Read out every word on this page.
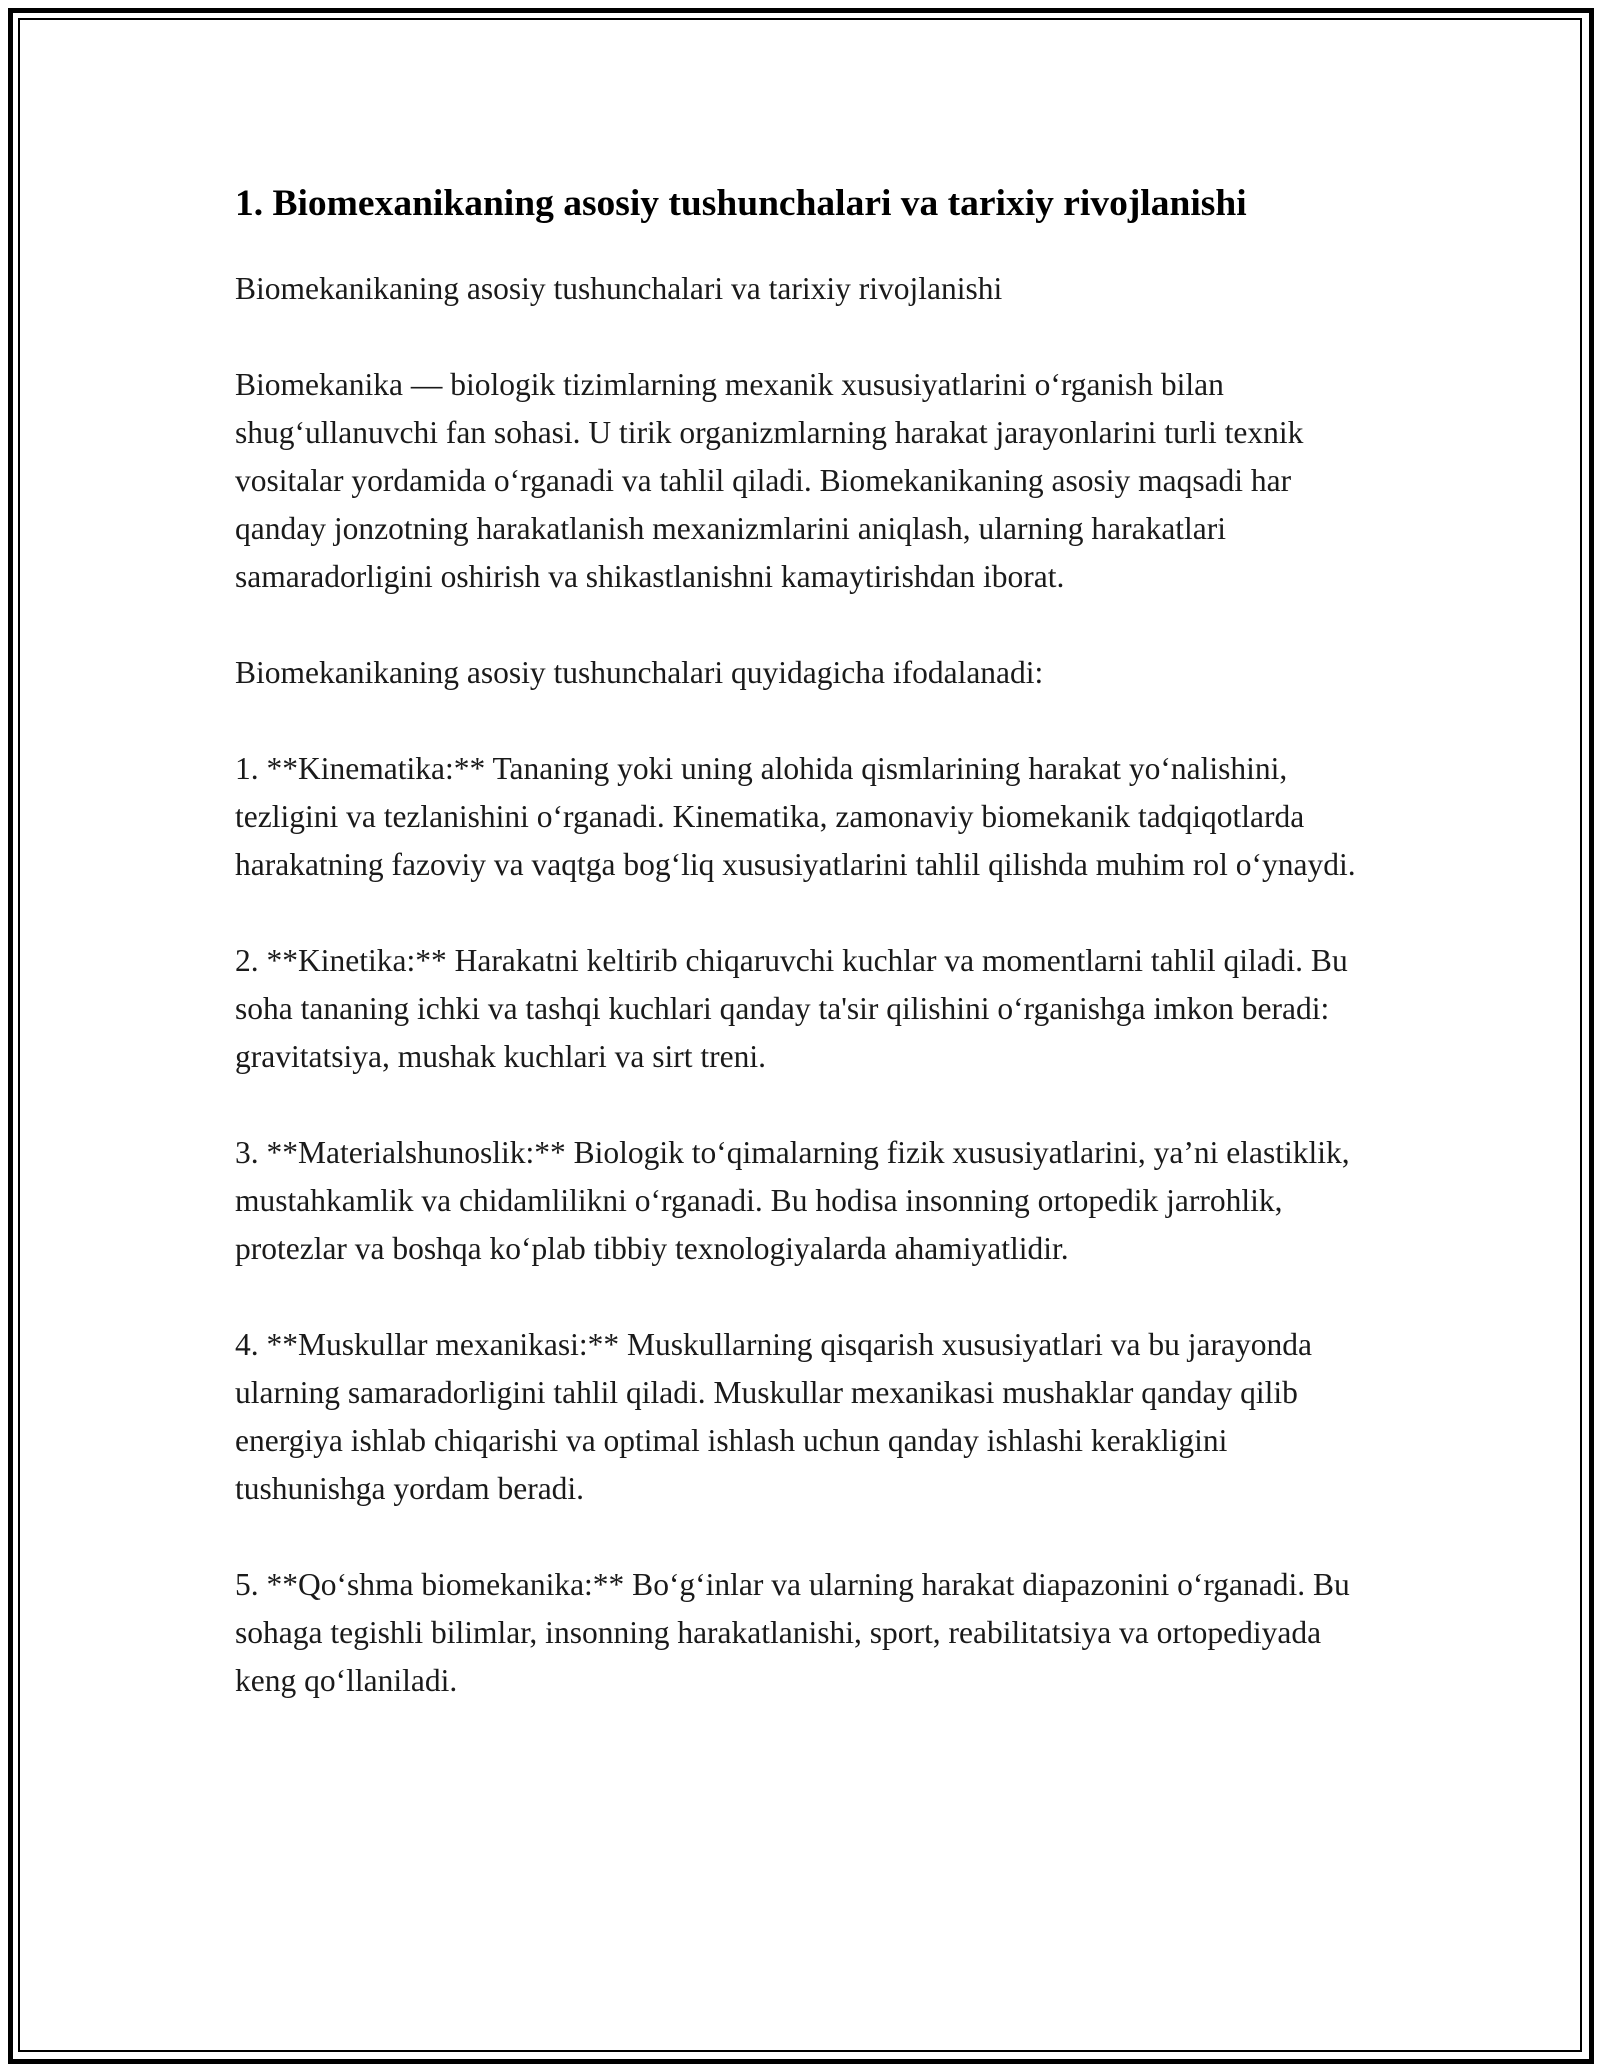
1. Biomexanikaning asosiy tushunchalari va tarixiy rivojlanishi

Biomekanikaning asosiy tushunchalari va tarixiy rivojlanishi

Biomekanika — biologik tizimlarning mexanik xususiyatlarini oʻrganish bilan shugʻullanuvchi fan sohasi. U tirik organizmlarning harakat jarayonlarini turli texnik vositalar yordamida oʻrganadi va tahlil qiladi. Biomekanikaning asosiy maqsadi har qanday jonzotning harakatlanish mexanizmlarini aniqlash, ularning harakatlari samaradorligini oshirish va shikastlanishni kamaytirishdan iborat.

Biomekanikaning asosiy tushunchalari quyidagicha ifodalanadi:

1. **Kinematika:** Tananing yoki uning alohida qismlarining harakat yoʻnalishini, tezligini va tezlanishini oʻrganadi. Kinematika, zamonaviy biomekanik tadqiqotlarda harakatning fazoviy va vaqtga bogʻliq xususiyatlarini tahlil qilishda muhim rol oʻynaydi.

2. **Kinetika:** Harakatni keltirib chiqaruvchi kuchlar va momentlarni tahlil qiladi. Bu soha tananing ichki va tashqi kuchlari qanday ta'sir qilishini oʻrganishga imkon beradi: gravitatsiya, mushak kuchlari va sirt treni.

3. **Materialshunoslik:** Biologik toʻqimalarning fizik xususiyatlarini, ya’ni elastiklik, mustahkamlik va chidamlilikni oʻrganadi. Bu hodisa insonning ortopedik jarrohlik, protezlar va boshqa koʻplab tibbiy texnologiyalarda ahamiyatlidir.

4. **Muskullar mexanikasi:** Muskullarning qisqarish xususiyatlari va bu jarayonda ularning samaradorligini tahlil qiladi. Muskullar mexanikasi mushaklar qanday qilib energiya ishlab chiqarishi va optimal ishlash uchun qanday ishlashi kerakligini tushunishga yordam beradi.

5. **Qoʻshma biomekanika:** Boʻgʻinlar va ularning harakat diapazonini oʻrganadi. Bu sohaga tegishli bilimlar, insonning harakatlanishi, sport, reabilitatsiya va ortopediyada keng qoʻllaniladi.
